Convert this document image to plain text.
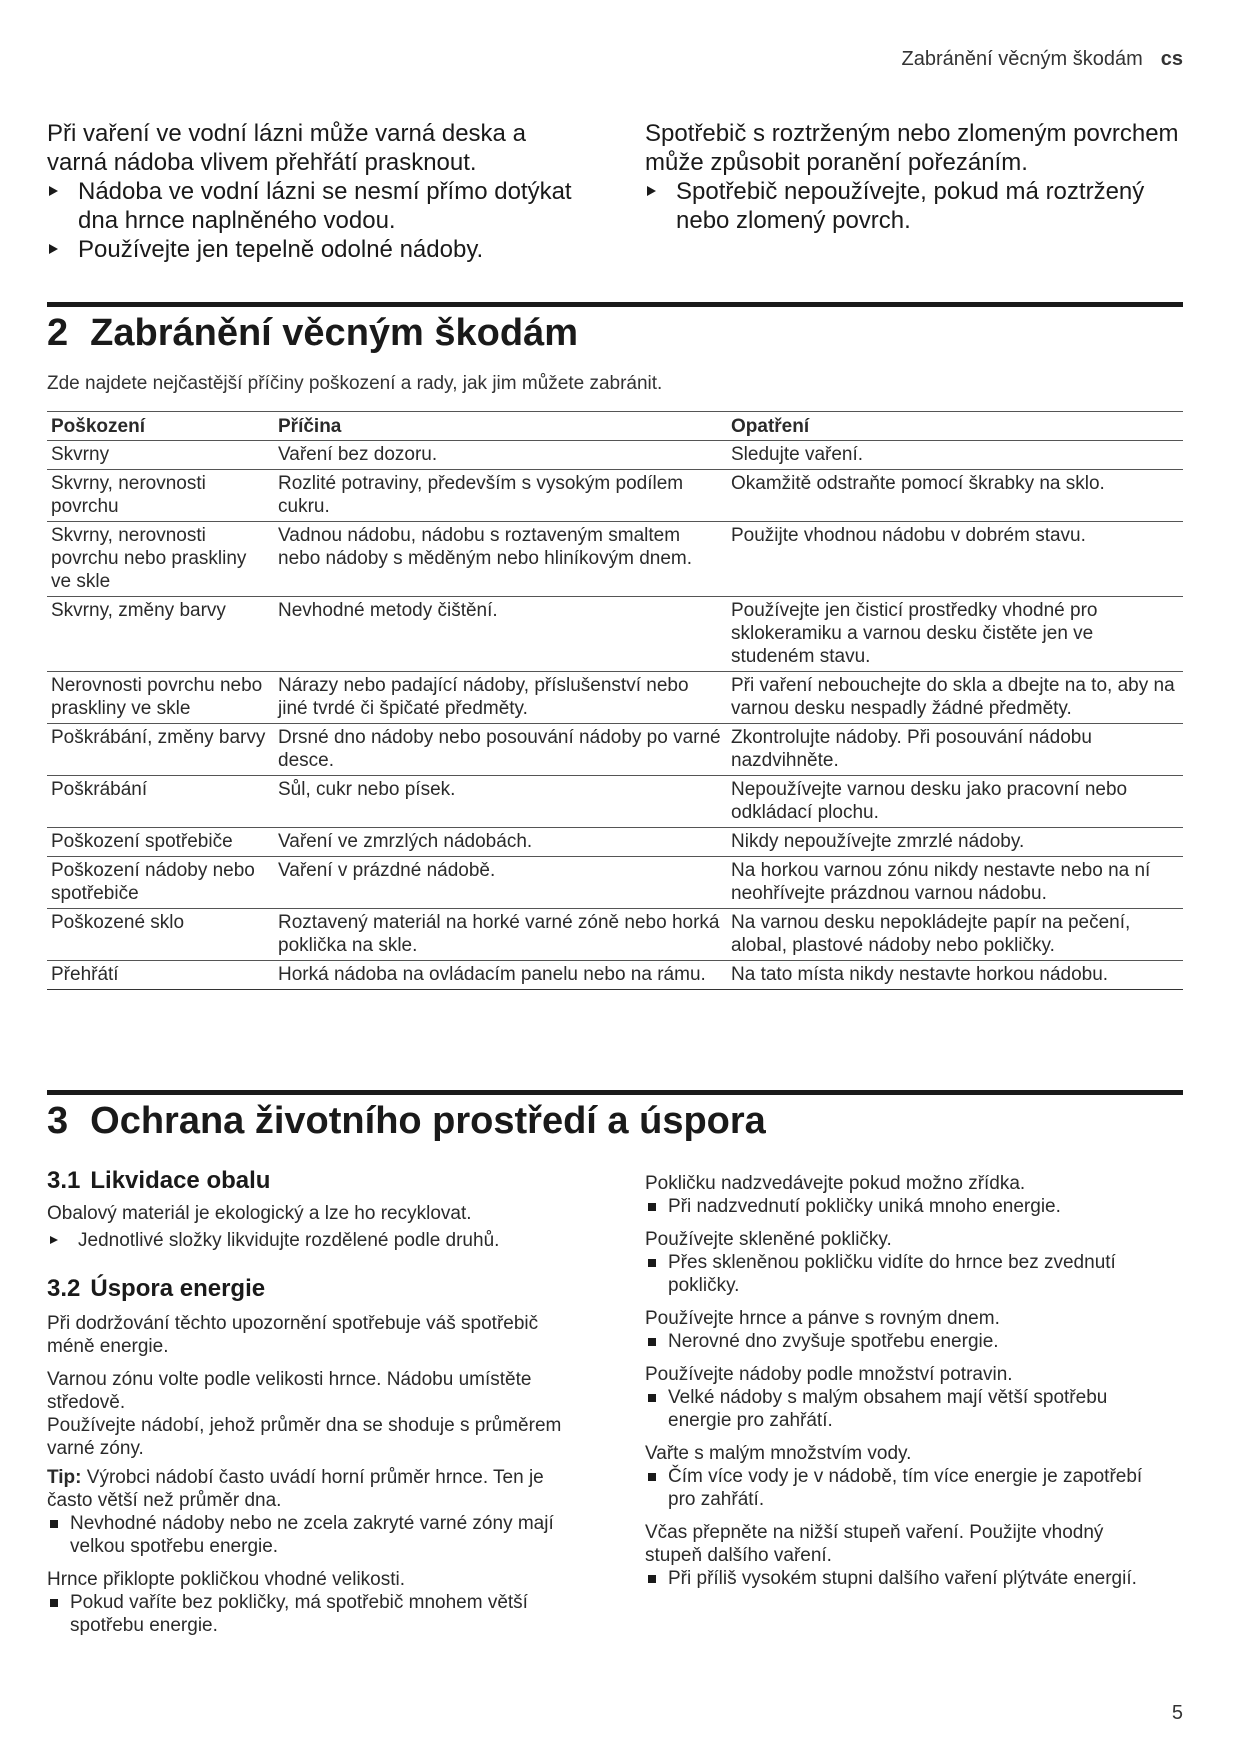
Zabránění věcným škodám cs

Při vaření ve vodní lázni může varná deska a varná nádoba vlivem přehřátí prasknout.

Nádoba ve vodní lázni se nesmí přímo dotýkat dna hrnce naplněného vodou.
Používejte jen tepelně odolné nádoby.

Spotřebič s roztrženým nebo zlomeným povrchem může způsobit poranění pořezáním.

Spotřebič nepoužívejte, pokud má roztržený nebo zlomený povrch.
2 Zabránění věcným škodám

Zde najdete nejčastější příčiny poškození a rady, jak jim můžete zabránit.

Poškození	Příčina	Opatření
Skvrny	Vaření bez dozoru.	Sledujte vaření.
Skvrny, nerovnosti povrchu	Rozlité potraviny, především s vysokým podílem cukru.	Okamžitě odstraňte pomocí škrabky na sklo.
Skvrny, nerovnosti povrchu nebo praskliny ve skle	Vadnou nádobu, nádobu s roztaveným smaltem nebo nádoby s měděným nebo hliníkovým dnem.	Použijte vhodnou nádobu v dobrém stavu.
Skvrny, změny barvy	Nevhodné metody čištění.	Používejte jen čisticí prostředky vhodné pro sklokeramiku a varnou desku čistěte jen ve studeném stavu.
Nerovnosti povrchu nebo praskliny ve skle	Nárazy nebo padající nádoby, příslušenství nebo jiné tvrdé či špičaté předměty.	Při vaření nebouchejte do skla a dbejte na to, aby na varnou desku nespadly žádné předměty.
Poškrábání, změny barvy	Drsné dno nádoby nebo posouvání nádoby po varné desce.	Zkontrolujte nádoby. Při posouvání nádobu nazdvihněte.
Poškrábání	Sůl, cukr nebo písek.	Nepoužívejte varnou desku jako pracovní nebo odkládací plochu.
Poškození spotřebiče	Vaření ve zmrzlých nádobách.	Nikdy nepoužívejte zmrzlé nádoby.
Poškození nádoby nebo spotřebiče	Vaření v prázdné nádobě.	Na horkou varnou zónu nikdy nestavte nebo na ní neohřívejte prázdnou varnou nádobu.
Poškozené sklo	Roztavený materiál na horké varné zóně nebo horká poklička na skle.	Na varnou desku nepokládejte papír na pečení, alobal, plastové nádoby nebo pokličky.
Přehřátí	Horká nádoba na ovládacím panelu nebo na rámu.	Na tato místa nikdy nestavte horkou nádobu.
3 Ochrana životního prostředí a úspora
3.1 Likvidace obalu

Obalový materiál je ekologický a lze ho recyklovat.

Jednotlivé složky likvidujte rozdělené podle druhů.
3.2 Úspora energie

Při dodržování těchto upozornění spotřebuje váš spotřebič méně energie.

Varnou zónu volte podle velikosti hrnce. Nádobu umístěte středově.

Používejte nádobí, jehož průměr dna se shoduje s průměrem varné zóny.

Tip: Výrobci nádobí často uvádí horní průměr hrnce. Ten je často větší než průměr dna.

Nevhodné nádoby nebo ne zcela zakryté varné zóny mají velkou spotřebu energie.

Hrnce přiklopte pokličkou vhodné velikosti.

Pokud vaříte bez pokličky, má spotřebič mnohem větší spotřebu energie.

Pokličku nadzvedávejte pokud možno zřídka.

Při nadzvednutí pokličky uniká mnoho energie.

Používejte skleněné pokličky.

Přes skleněnou pokličku vidíte do hrnce bez zvednutí pokličky.

Používejte hrnce a pánve s rovným dnem.

Nerovné dno zvyšuje spotřebu energie.

Používejte nádoby podle množství potravin.

Velké nádoby s malým obsahem mají větší spotřebu energie pro zahřátí.

Vařte s malým množstvím vody.

Čím více vody je v nádobě, tím více energie je zapotřebí pro zahřátí.

Včas přepněte na nižší stupeň vaření. Použijte vhodný stupeň dalšího vaření.

Při příliš vysokém stupni dalšího vaření plýtváte energií.
5
